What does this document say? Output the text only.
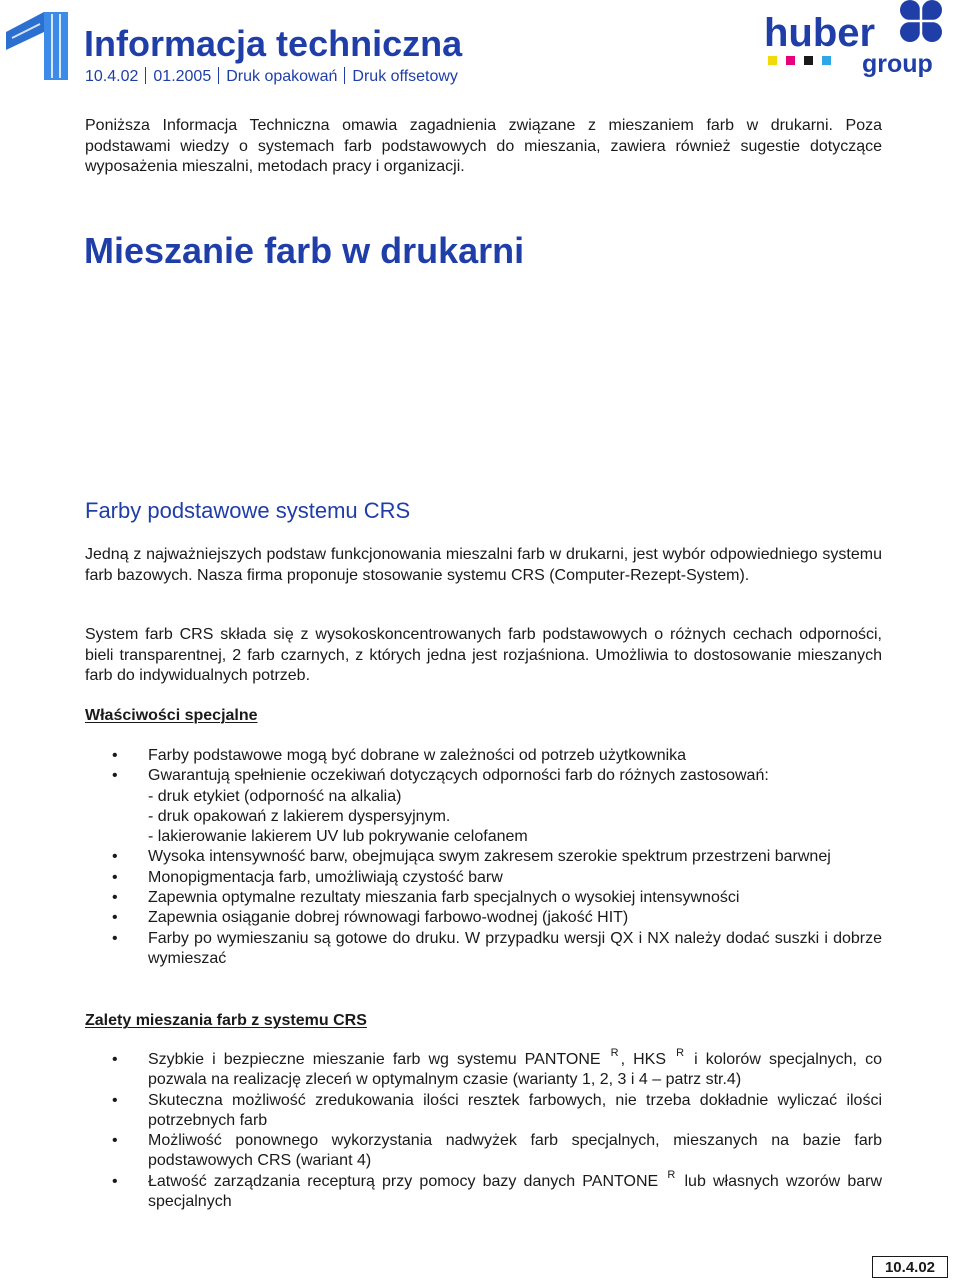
Informacja techniczna
10.4.02 01.2005 Druk opakowań Druk offsetowy
huber
group
Mieszanie farb w drukarni
Poniższa Informacja Techniczna omawia zagadnienia związane z mieszaniem farb w drukarni. Poza podstawami wiedzy o systemach farb podstawowych do mieszania, zawiera również sugestie dotyczące wyposażenia mieszalni, metodach pracy i organizacji.
Farby podstawowe systemu CRS
Jedną z najważniejszych podstaw funkcjonowania mieszalni farb w drukarni, jest wybór odpowiedniego systemu farb bazowych. Nasza firma proponuje stosowanie systemu CRS (Computer-Rezept-System).
System farb CRS składa się z wysokoskoncentrowanych farb podstawowych o różnych cechach odporności, bieli transparentnej, 2 farb czarnych, z których jedna jest rozjaśniona. Umożliwia to dostosowanie mieszanych farb do indywidualnych potrzeb.
Właściwości specjalne
• Farby podstawowe mogą być dobrane w zależności od potrzeb użytkownika
• Gwarantują spełnienie oczekiwań dotyczących odporności farb do różnych zastosowań:
- druk etykiet (odporność na alkalia)
- druk opakowań z lakierem dyspersyjnym.
- lakierowanie lakierem UV lub pokrywanie celofanem
• Wysoka intensywność barw, obejmująca swym zakresem szerokie spektrum przestrzeni barwnej
• Monopigmentacja farb, umożliwiają czystość barw
• Zapewnia optymalne rezultaty mieszania farb specjalnych o wysokiej intensywności
• Zapewnia osiąganie dobrej równowagi farbowo-wodnej (jakość HIT)
• Farby po wymieszaniu są gotowe do druku. W przypadku wersji QX i NX należy dodać suszki i dobrze wymieszać
Zalety mieszania farb z systemu CRS
• Szybkie i bezpieczne mieszanie farb wg systemu PANTONE $^R$ , HKS $^R$ i kolorów specjalnych, co pozwala na realizację zleceń w optymalnym czasie (warianty 1, 2, 3 i 4 – patrz str.4)
• Skuteczna możliwość zredukowania ilości resztek farbowych, nie trzeba dokładnie wyliczać ilości potrzebnych farb
• Możliwość ponownego wykorzystania nadwyżek farb specjalnych, mieszanych na bazie farb podstawowych CRS (wariant 4)
• Łatwość zarządzania recepturą przy pomocy bazy danych PANTONE $^R$ lub własnych wzorów barw specjalnych
10.4.02
